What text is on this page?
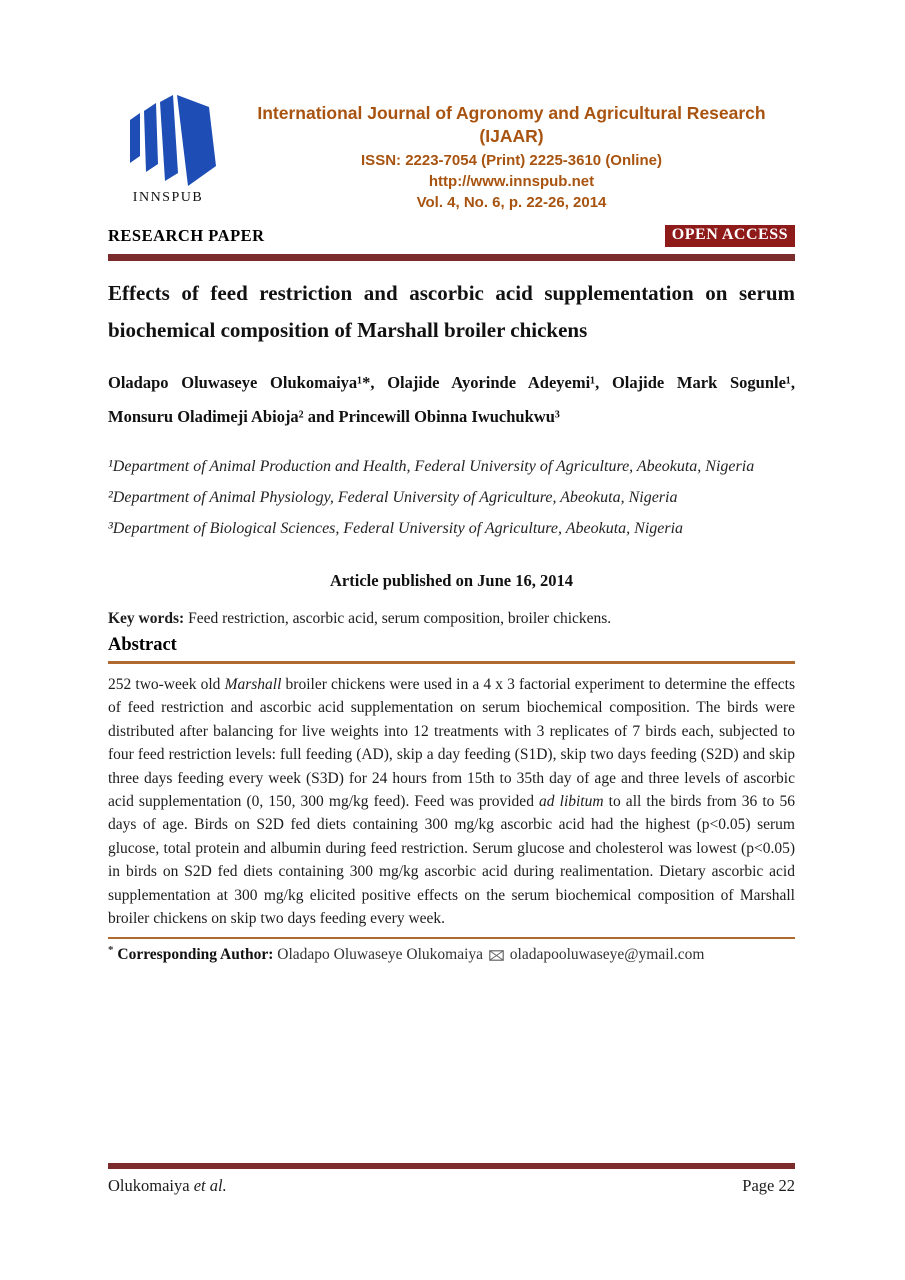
INNSPUB
International Journal of Agronomy and Agricultural Research (IJAAR)
ISSN: 2223-7054 (Print) 2225-3610 (Online)
http://www.innspub.net
Vol. 4, No. 6, p. 22-26, 2014
RESEARCH PAPER	OPEN ACCESS
Effects of feed restriction and ascorbic acid supplementation on serum biochemical composition of Marshall broiler chickens
Oladapo Oluwaseye Olukomaiya¹*, Olajide Ayorinde Adeyemi¹, Olajide Mark Sogunle¹, Monsuru Oladimeji Abioja² and Princewill Obinna Iwuchukwu³

¹Department of Animal Production and Health, Federal University of Agriculture, Abeokuta, Nigeria

²Department of Animal Physiology, Federal University of Agriculture, Abeokuta, Nigeria

³Department of Biological Sciences, Federal University of Agriculture, Abeokuta, Nigeria

Article published on June 16, 2014
Key words: Feed restriction, ascorbic acid, serum composition, broiler chickens.
Abstract
252 two-week old Marshall broiler chickens were used in a 4 x 3 factorial experiment to determine the effects of feed restriction and ascorbic acid supplementation on serum biochemical composition. The birds were distributed after balancing for live weights into 12 treatments with 3 replicates of 7 birds each, subjected to four feed restriction levels: full feeding (AD), skip a day feeding (S1D), skip two days feeding (S2D) and skip three days feeding every week (S3D) for 24 hours from 15th to 35th day of age and three levels of ascorbic acid supplementation (0, 150, 300 mg/kg feed). Feed was provided ad libitum to all the birds from 36 to 56 days of age. Birds on S2D fed diets containing 300 mg/kg ascorbic acid had the highest (p<0.05) serum glucose, total protein and albumin during feed restriction. Serum glucose and cholesterol was lowest (p<0.05) in birds on S2D fed diets containing 300 mg/kg ascorbic acid during realimentation. Dietary ascorbic acid supplementation at 300 mg/kg elicited positive effects on the serum biochemical composition of Marshall broiler chickens on skip two days feeding every week.
* Corresponding Author: Oladapo Oluwaseye Olukomaiya  oladapooluwaseye@ymail.com
Olukomaiya et al.	Page 22
